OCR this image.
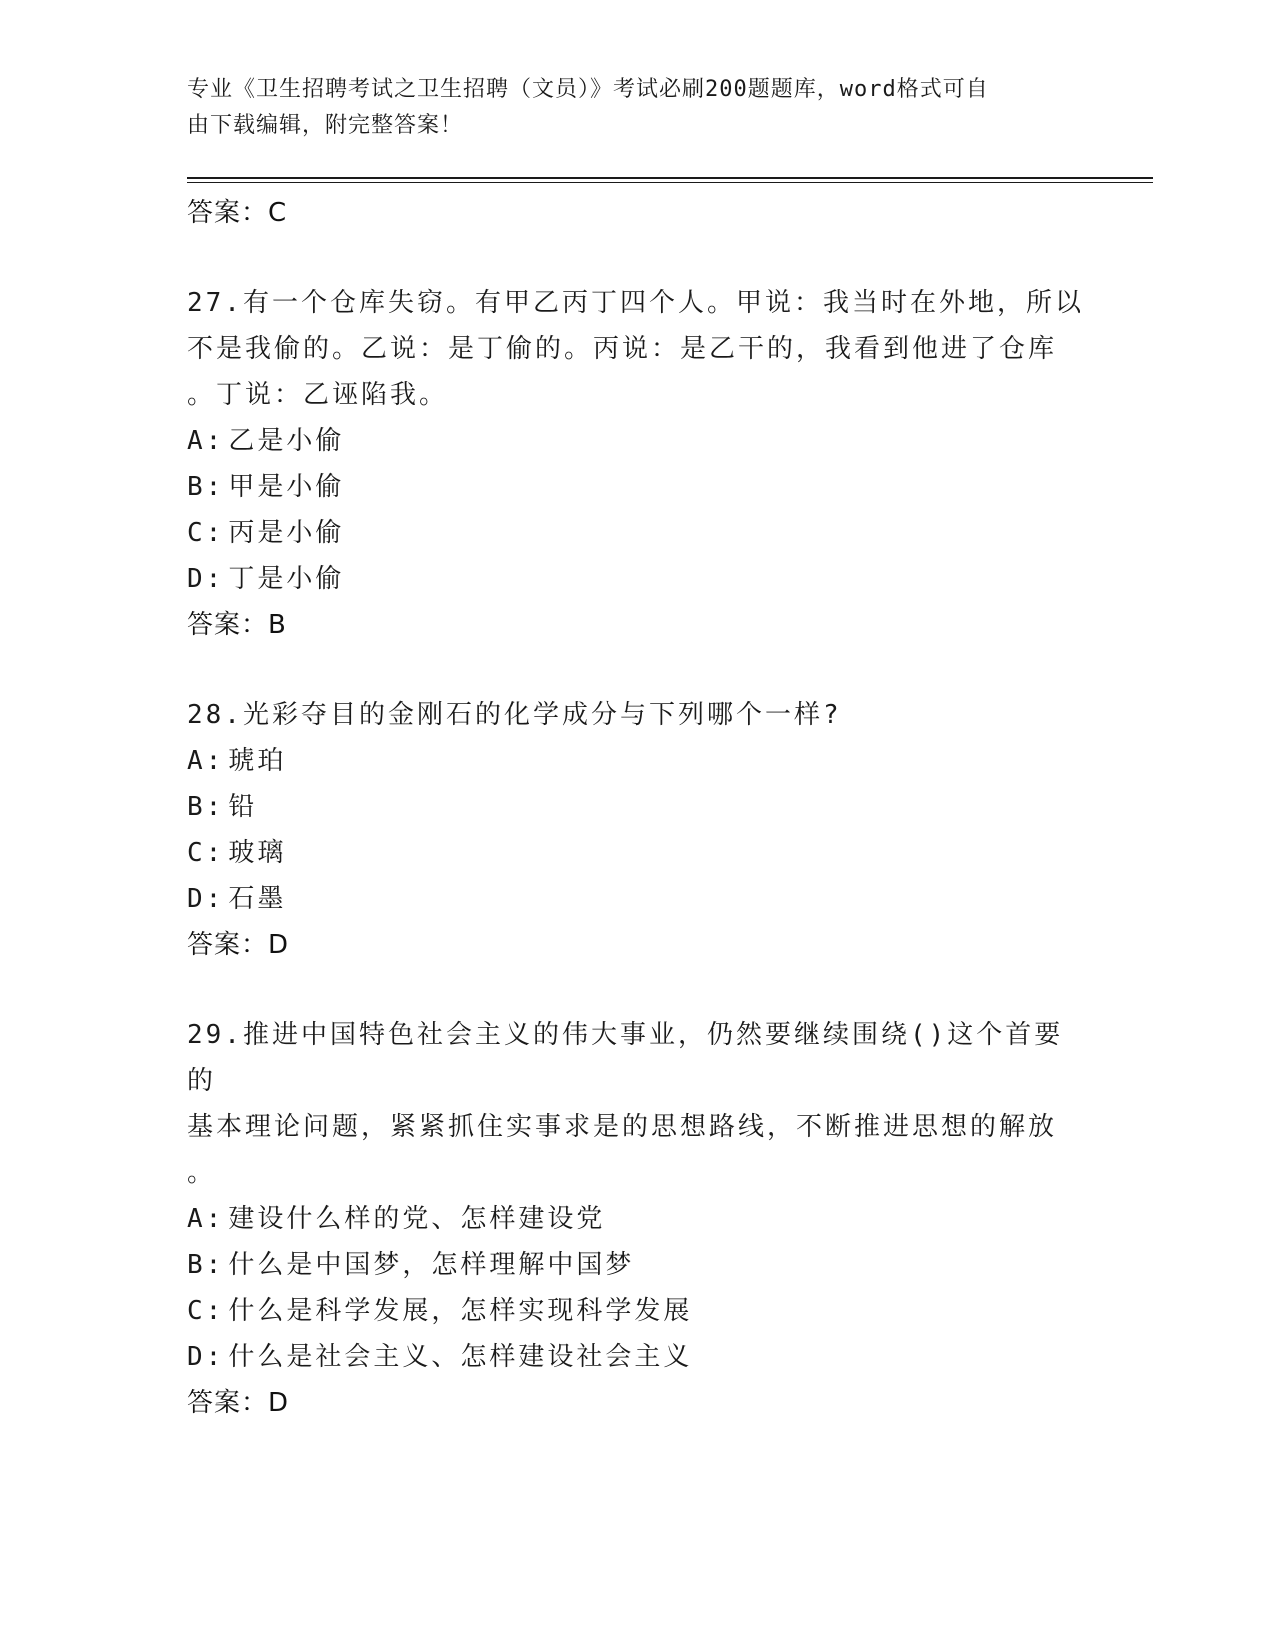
专业《卫生招聘考试之卫生招聘（文员）》考试必刷200题题库，word格式可自
由下载编辑，附完整答案！
答案：C
27.有一个仓库失窃。有甲乙丙丁四个人。甲说：我当时在外地，所以
不是我偷的。乙说：是丁偷的。丙说：是乙干的，我看到他进了仓库
。丁说：乙诬陷我。
A: 乙是小偷
B: 甲是小偷
C: 丙是小偷
D: 丁是小偷
答案：B
28.光彩夺目的金刚石的化学成分与下列哪个一样?
A: 琥珀
B: 铅
C: 玻璃
D: 石墨
答案：D
29.推进中国特色社会主义的伟大事业，仍然要继续围绕()这个首要的
基本理论问题，紧紧抓住实事求是的思想路线，不断推进思想的解放
。
A: 建设什么样的党、怎样建设党
B: 什么是中国梦，怎样理解中国梦
C: 什么是科学发展，怎样实现科学发展
D: 什么是社会主义、怎样建设社会主义
答案：D
